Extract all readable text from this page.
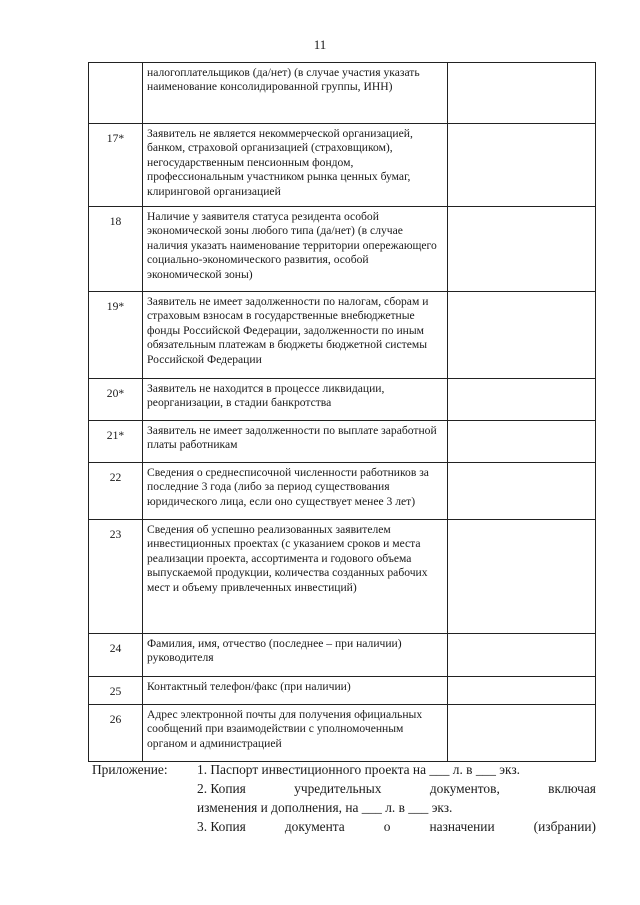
11
	налогоплательщиков (да/нет) (в случае участия указать наименование консолидированной группы, ИНН)	
17*	Заявитель не является некоммерческой организацией, банком, страховой организацией (страховщиком), негосударственным пенсионным фондом, профессиональным участником рынка ценных бумаг, клиринговой организацией	
18	Наличие у заявителя статуса резидента особой экономической зоны любого типа (да/нет) (в случае наличия указать наименование территории опережающего социально-экономического развития, особой экономической зоны)	
19*	Заявитель не имеет задолженности по налогам, сборам и страховым взносам в государственные внебюджетные фонды Российской Федерации, задолженности по иным обязательным платежам в бюджеты бюджетной системы Российской Федерации	
20*	Заявитель не находится в процессе ликвидации, реорганизации, в стадии банкротства	
21*	Заявитель не имеет задолженности по выплате заработной платы работникам	
22	Сведения о среднесписочной численности работников за последние 3 года (либо за период существования юридического лица, если оно существует менее 3 лет)	
23	Сведения об успешно реализованных заявителем инвестиционных проектах (с указанием сроков и места реализации проекта, ассортимента и годового объема выпускаемой продукции, количества созданных рабочих мест и объему привлеченных инвестиций)	
24	Фамилия, имя, отчество (последнее – при наличии) руководителя	
25	Контактный телефон/факс (при наличии)	
26	Адрес электронной почты для получения официальных сообщений при взаимодействии с уполномоченным органом и администрацией	
Приложение: 1. Паспорт инвестиционного проекта на ___ л. в ___ экз.
2. Копия	учредительных	документов,	включая
изменения и дополнения, на ___ л. в ___ экз.
3. Копия	документа	о	назначении	(избрании)
